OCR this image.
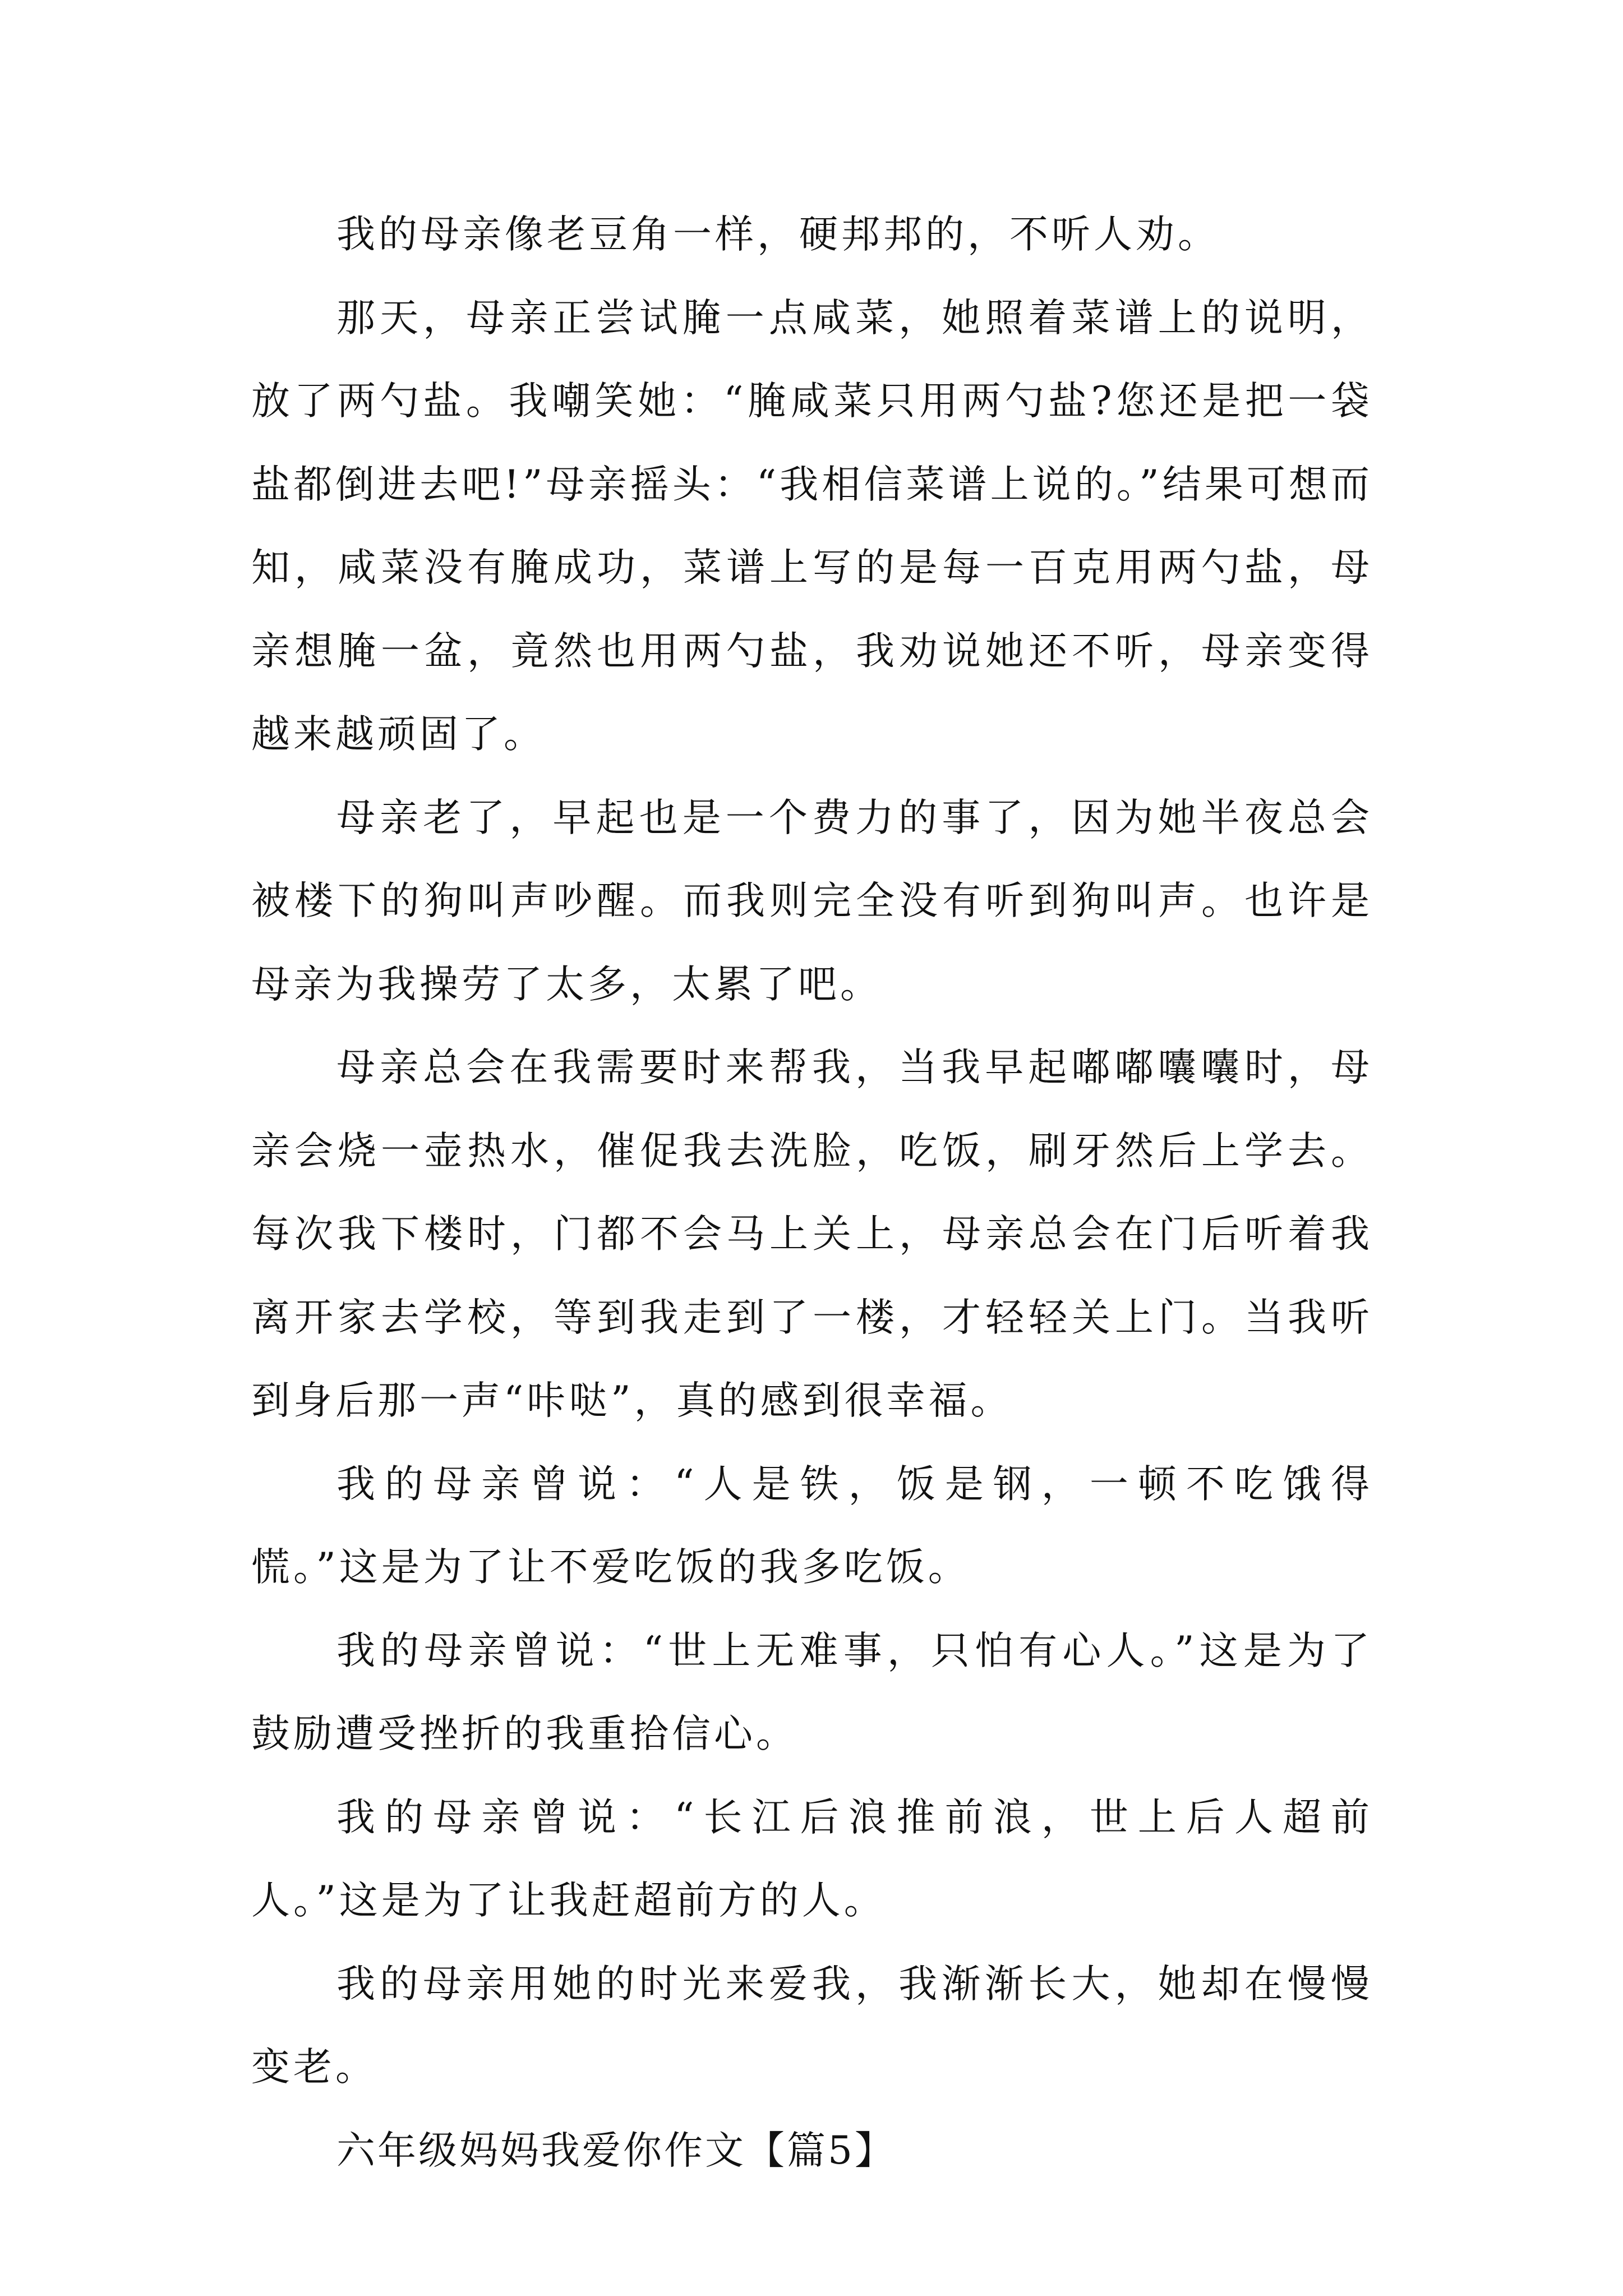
我的母亲像老豆角一样，硬邦邦的，不听人劝。

那天，母亲正尝试腌一点咸菜，她照着菜谱上的说明，放了两勺盐。我嘲笑她：“腌咸菜只用两勺盐?您还是把一袋盐都倒进去吧!”母亲摇头：“我相信菜谱上说的。”结果可想而知，咸菜没有腌成功，菜谱上写的是每一百克用两勺盐，母亲想腌一盆，竟然也用两勺盐，我劝说她还不听，母亲变得越来越顽固了。

母亲老了，早起也是一个费力的事了，因为她半夜总会被楼下的狗叫声吵醒。而我则完全没有听到狗叫声。也许是母亲为我操劳了太多，太累了吧。

母亲总会在我需要时来帮我，当我早起嘟嘟囔囔时，母亲会烧一壶热水，催促我去洗脸，吃饭，刷牙然后上学去。每次我下楼时，门都不会马上关上，母亲总会在门后听着我离开家去学校，等到我走到了一楼，才轻轻关上门。当我听到身后那一声“咔哒”，真的感到很幸福。

我的母亲曾说：“人是铁，饭是钢，一顿不吃饿得慌。”这是为了让不爱吃饭的我多吃饭。

我的母亲曾说：“世上无难事，只怕有心人。”这是为了鼓励遭受挫折的我重拾信心。

我的母亲曾说：“长江后浪推前浪，世上后人超前人。”这是为了让我赶超前方的人。

我的母亲用她的时光来爱我，我渐渐长大，她却在慢慢变老。

六年级妈妈我爱你作文【篇5】
